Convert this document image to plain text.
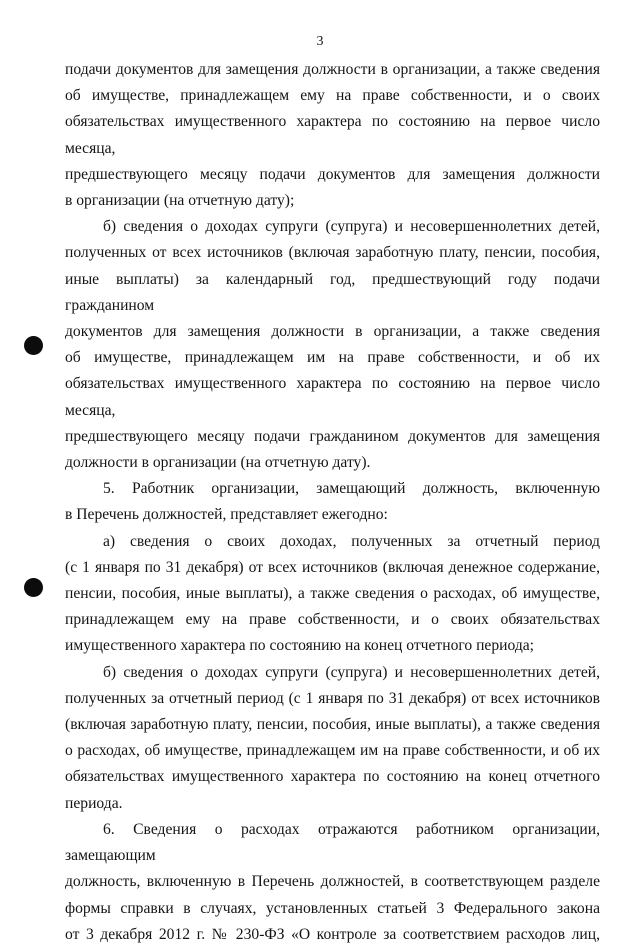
3

подачи документов для замещения должности в организации, а также сведения
об имуществе, принадлежащем ему на праве собственности, и о своих
обязательствах имущественного характера по состоянию на первое число месяца,
предшествующего месяцу подачи документов для замещения должности
в организации (на отчетную дату);

б) сведения о доходах супруги (супруга) и несовершеннолетних детей,
полученных от всех источников (включая заработную плату, пенсии, пособия,
иные выплаты) за календарный год, предшествующий году подачи гражданином
документов для замещения должности в организации, а также сведения
об имуществе, принадлежащем им на праве собственности, и об их
обязательствах имущественного характера по состоянию на первое число месяца,
предшествующего месяцу подачи гражданином документов для замещения
должности в организации (на отчетную дату).

5. Работник организации, замещающий должность, включенную
в Перечень должностей, представляет ежегодно:

а) сведения о своих доходах, полученных за отчетный период
(с 1 января по 31 декабря) от всех источников (включая денежное содержание,
пенсии, пособия, иные выплаты), а также сведения о расходах, об имуществе,
принадлежащем ему на праве собственности, и о своих обязательствах
имущественного характера по состоянию на конец отчетного периода;

б) сведения о доходах супруги (супруга) и несовершеннолетних детей,
полученных за отчетный период (с 1 января по 31 декабря) от всех источников
(включая заработную плату, пенсии, пособия, иные выплаты), а также сведения
о расходах, об имуществе, принадлежащем им на праве собственности, и об их
обязательствах имущественного характера по состоянию на конец отчетного
периода.

6. Сведения о расходах отражаются работником организации, замещающим
должность, включенную в Перечень должностей, в соответствующем разделе
формы справки в случаях, установленных статьей 3 Федерального закона
от 3 декабря 2012 г. № 230-ФЗ «О контроле за соответствием расходов лиц,
